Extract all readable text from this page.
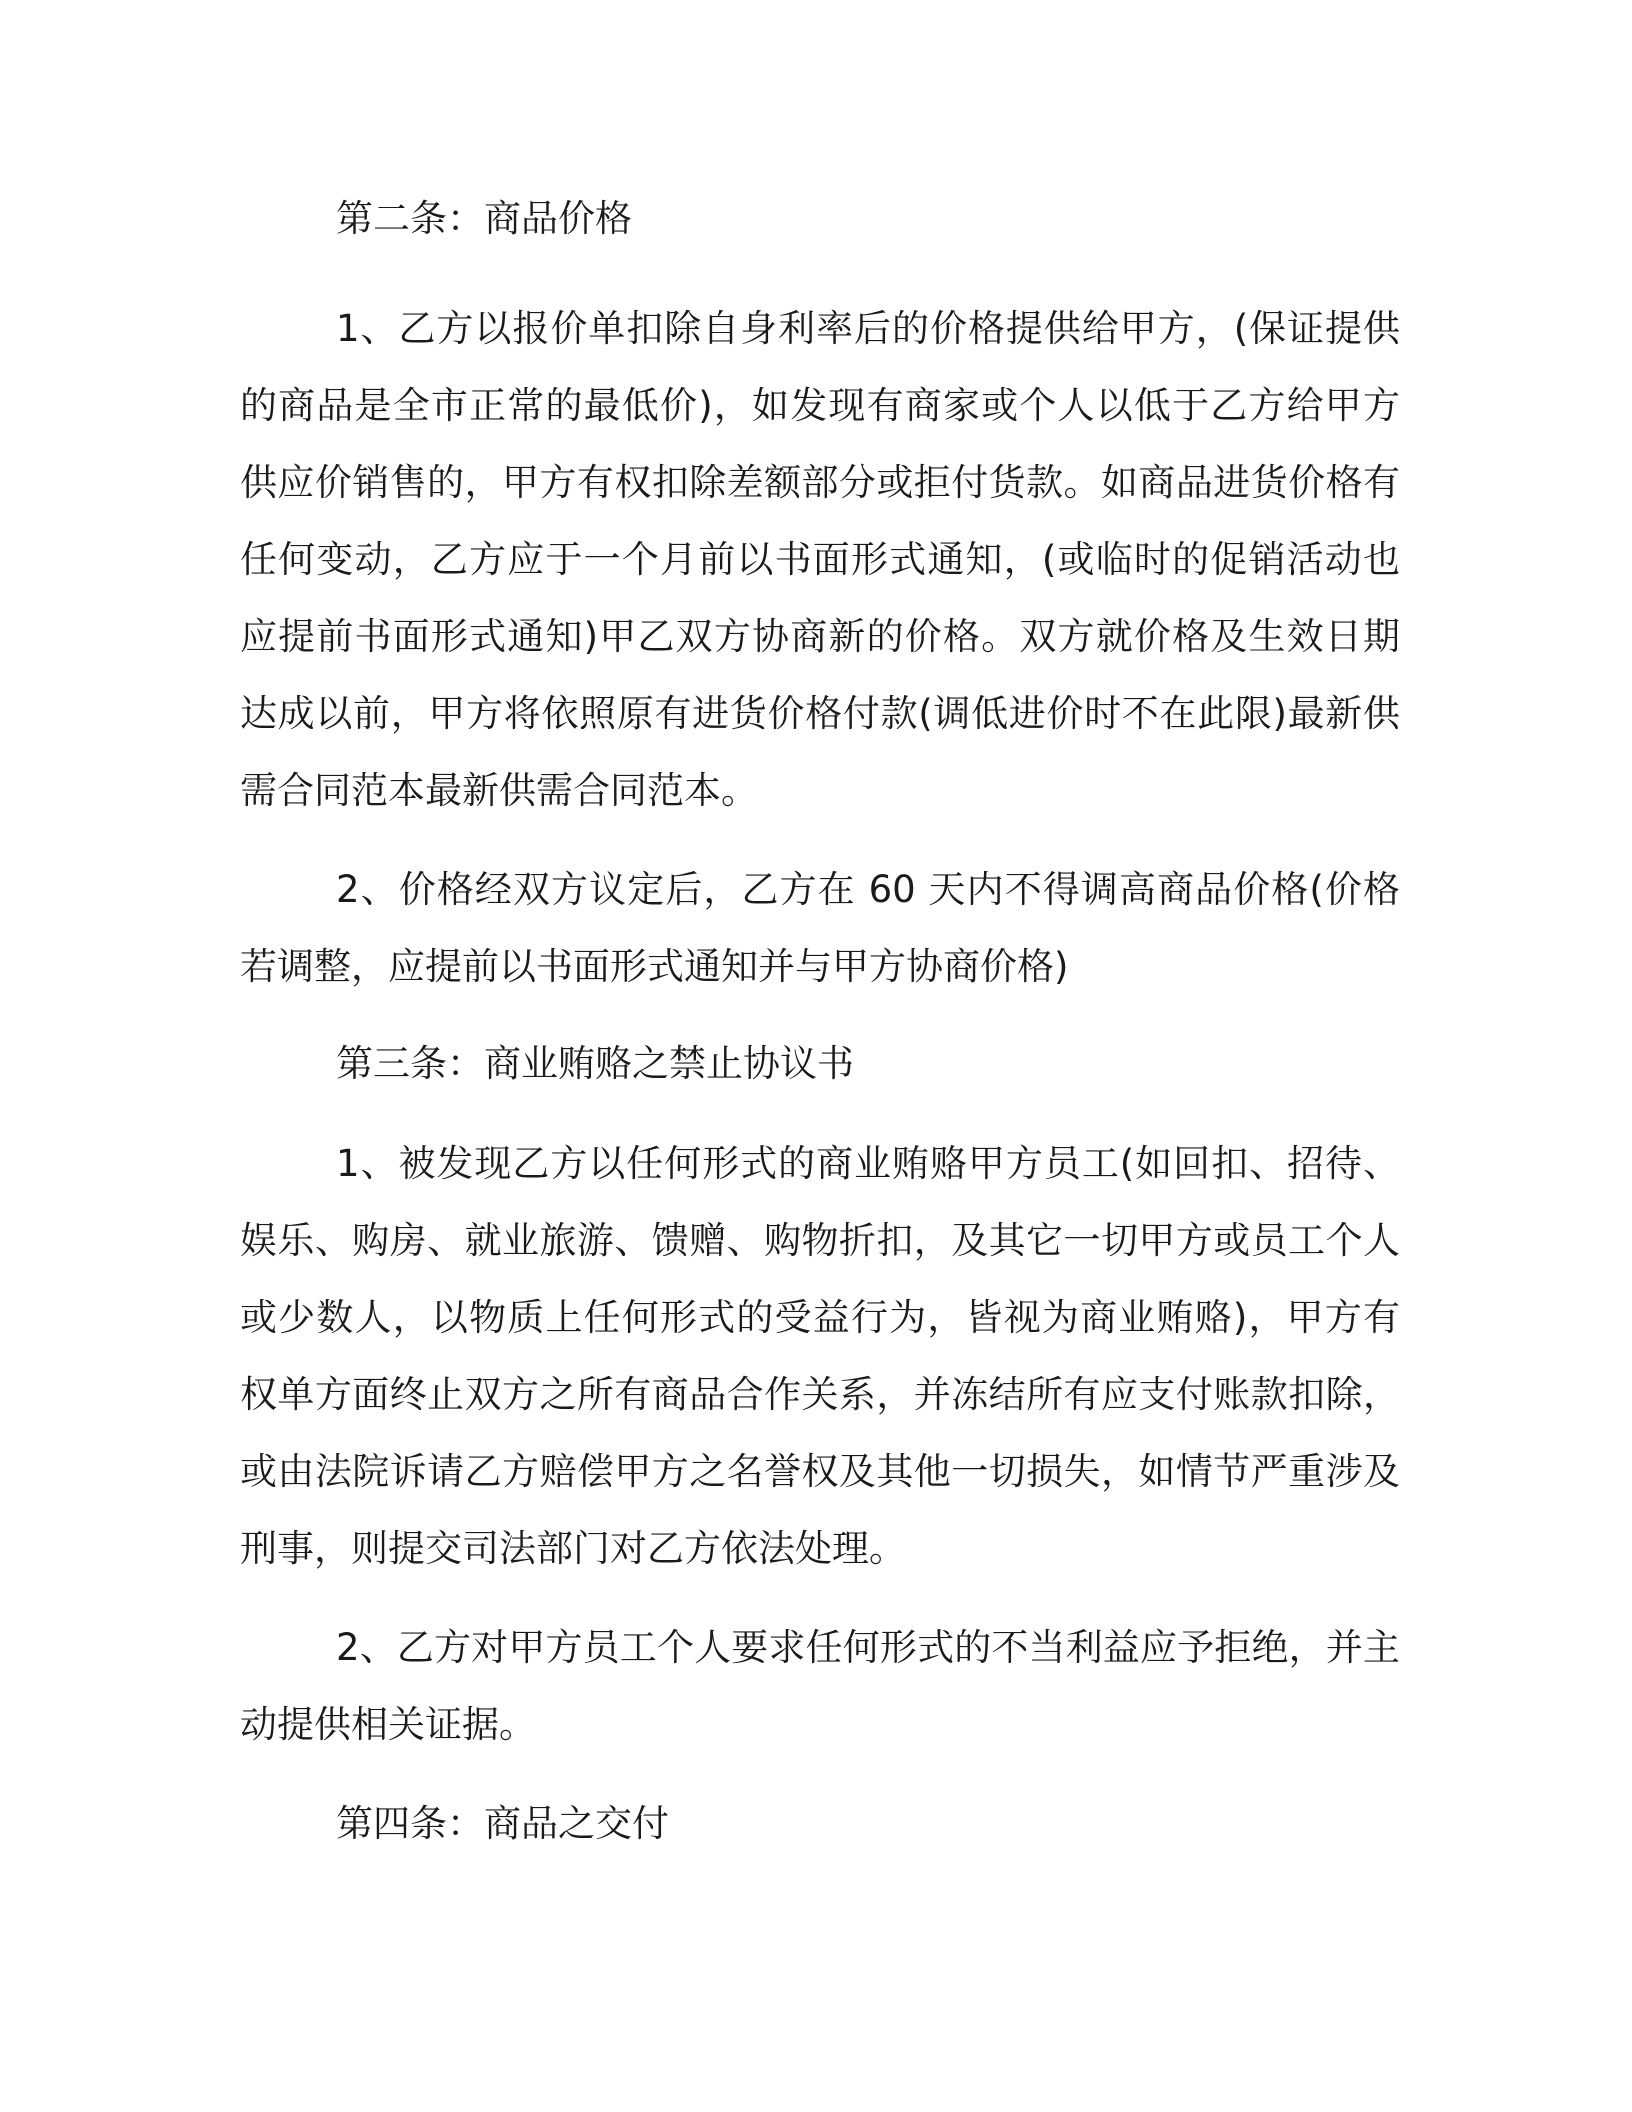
第二条：商品价格

1、乙方以报价单扣除自身利率后的价格提供给甲方，(保证提供的商品是全市正常的最低价)，如发现有商家或个人以低于乙方给甲方供应价销售的，甲方有权扣除差额部分或拒付货款。如商品进货价格有任何变动，乙方应于一个月前以书面形式通知，(或临时的促销活动也应提前书面形式通知)甲乙双方协商新的价格。双方就价格及生效日期达成以前，甲方将依照原有进货价格付款(调低进价时不在此限)最新供需合同范本最新供需合同范本。

2、价格经双方议定后，乙方在 60 天内不得调高商品价格(价格若调整，应提前以书面形式通知并与甲方协商价格)

第三条：商业贿赂之禁止协议书

1、被发现乙方以任何形式的商业贿赂甲方员工(如回扣、招待、娱乐、购房、就业旅游、馈赠、购物折扣，及其它一切甲方或员工个人或少数人，以物质上任何形式的受益行为，皆视为商业贿赂)，甲方有权单方面终止双方之所有商品合作关系，并冻结所有应支付账款扣除，或由法院诉请乙方赔偿甲方之名誉权及其他一切损失，如情节严重涉及刑事，则提交司法部门对乙方依法处理。

2、乙方对甲方员工个人要求任何形式的不当利益应予拒绝，并主动提供相关证据。

第四条：商品之交付
